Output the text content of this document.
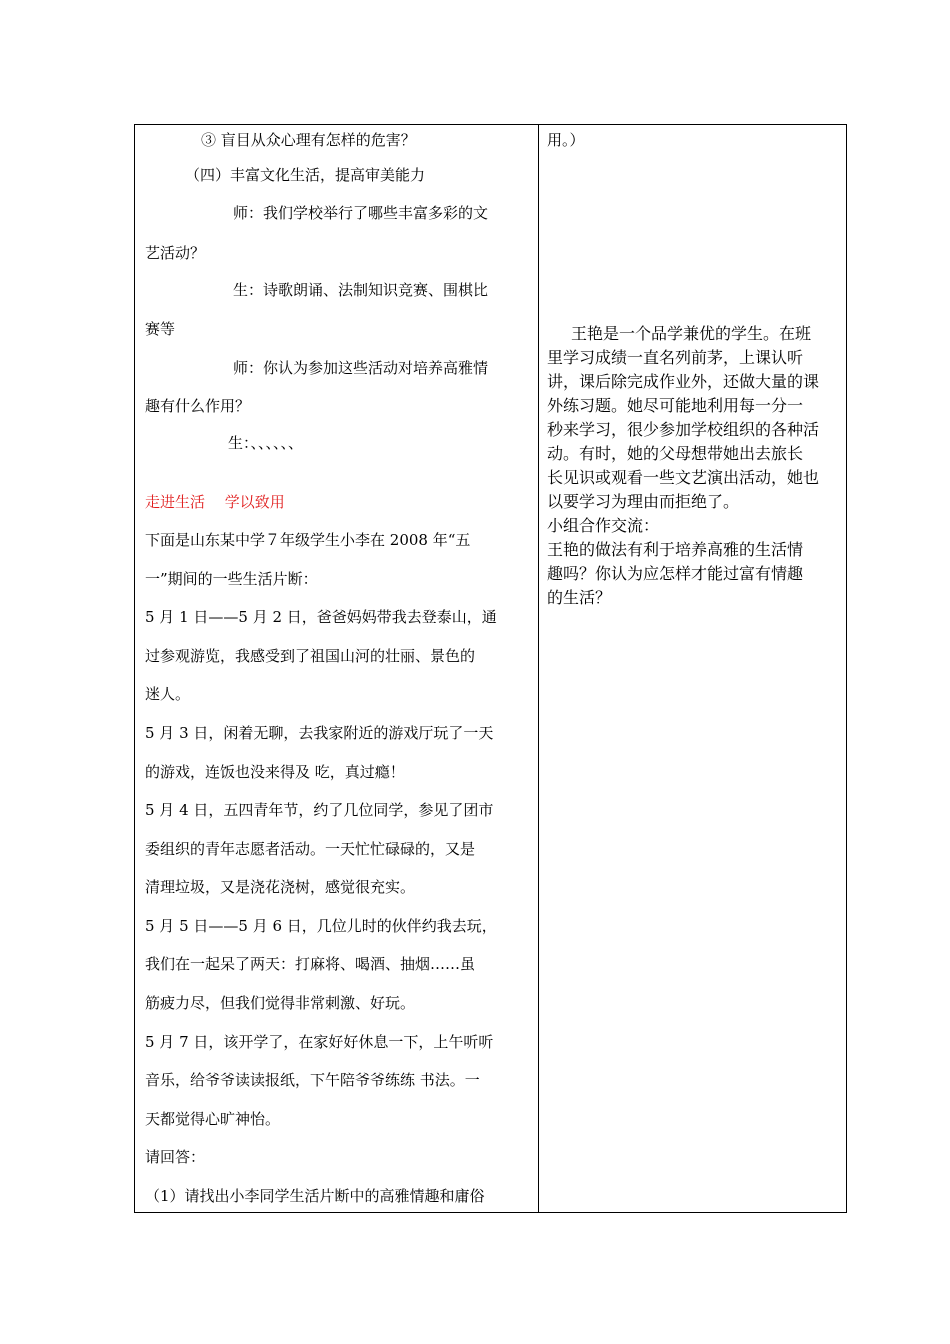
③ 盲目从众心理有怎样的危害？
（四）丰富文化生活，提高审美能力
师：我们学校举行了哪些丰富多彩的文
艺活动？
生：诗歌朗诵、法制知识竞赛、围棋比
赛等
师：你认为参加这些活动对培养高雅情
趣有什么作用？
生：、、、、、、
走进生活　 学以致用
下面是山东某中学７年级学生小李在 2008 年“五
一”期间的一些生活片断：
5 月 1 日——5 月 2 日，爸爸妈妈带我去登泰山，通
过参观游览，我感受到了祖国山河的壮丽、景色的
迷人。
5 月 3 日，闲着无聊，去我家附近的游戏厅玩了一天
的游戏，连饭也没来得及 吃，真过瘾！
5 月 4 日，五四青年节，约了几位同学，参见了团市
委组织的青年志愿者活动。一天忙忙碌碌的，又是
清理垃圾，又是浇花浇树，感觉很充实。
5 月 5 日——5 月 6 日，几位儿时的伙伴约我去玩，
我们在一起呆了两天：打麻将、喝酒、抽烟……虽
筋疲力尽，但我们觉得非常刺激、好玩。
5 月 7 日，该开学了，在家好好休息一下，上午听听
音乐，给爷爷读读报纸，下午陪爷爷练练 书法。一
天都觉得心旷神怡。
请回答：
（1）请找出小李同学生活片断中的高雅情趣和庸俗
用。）
王艳是一个品学兼优的学生。在班
里学习成绩一直名列前茅，上课认听
讲，课后除完成作业外，还做大量的课
外练习题。她尽可能地利用每一分一
秒来学习，很少参加学校组织的各种活
动。有时，她的父母想带她出去旅长
长见识或观看一些文艺演出活动，她也
以要学习为理由而拒绝了。
小组合作交流：
王艳的做法有利于培养高雅的生活情
趣吗？你认为应怎样才能过富有情趣
的生活？
